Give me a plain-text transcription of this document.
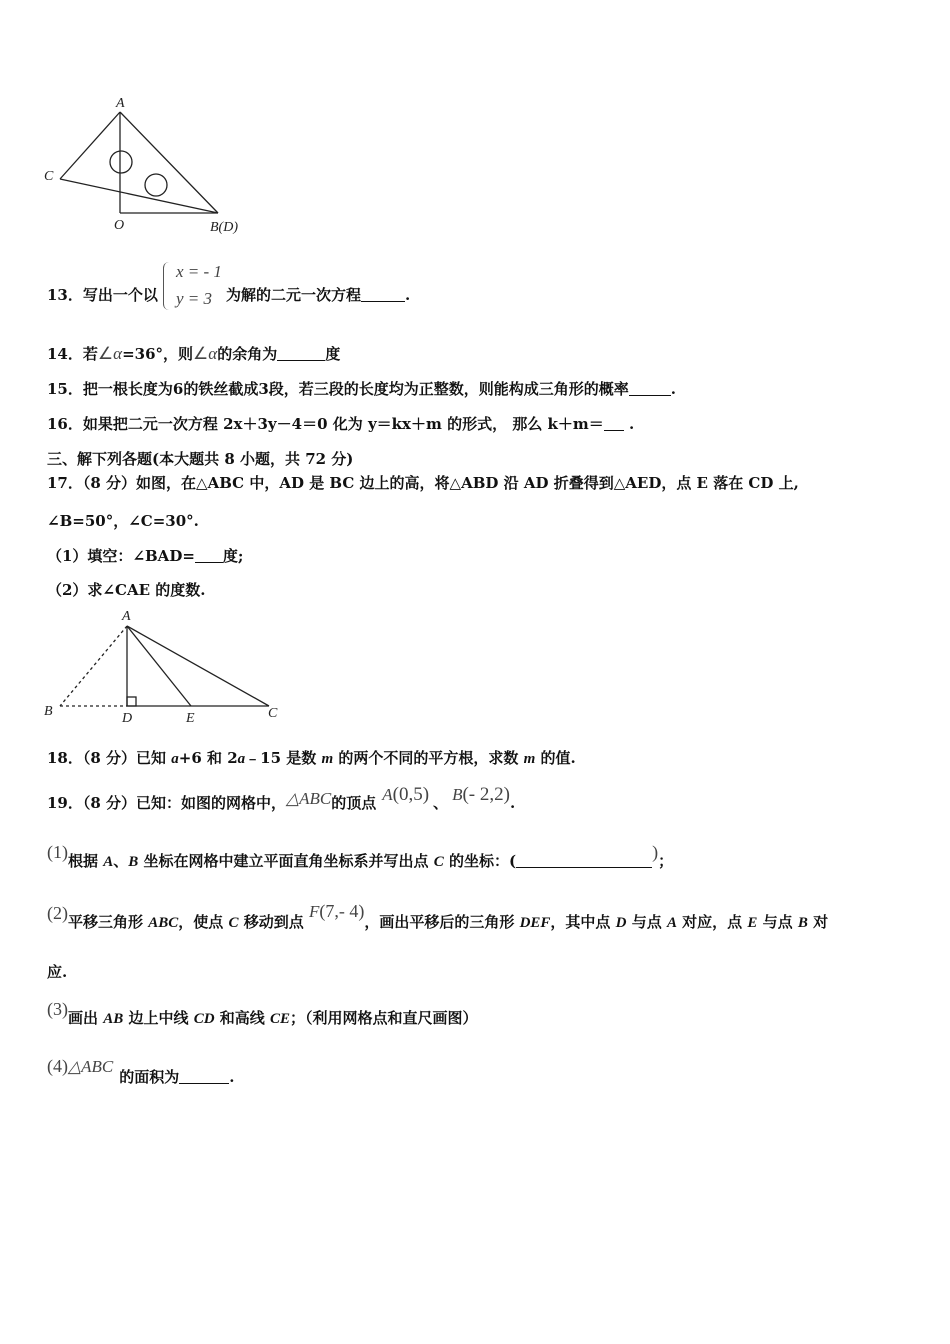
A
C
O	B(D)
13．写出一个以
x = - 1
y = 3 为解的二元一次方程	.
14．若∠α=36°，则∠α的余角为	度
15．把一根长度为6的铁丝截成3段，若三段的长度均为正整数，则能构成三角形的概率	.
16．如果把二元一次方程 2x＋3y－4＝0 化为 y＝kx＋m 的形式， 那么 k＋m＝ .
三、解下列各题(本大题共 8 小题，共 72 分)
17．（8 分）如图，在△ABC 中，AD 是 BC 边上的高，将△ABD 沿 AD 折叠得到△AED，点 E 落在 CD 上,
∠B=50°，∠C=30°.
（1）填空：∠BAD= 度;
（2）求∠CAE 的度数.
A
B	D	E	C
18．（8 分）已知 a+6 和 2a﹣15 是数 m 的两个不同的平方根，求数 m 的值.
19．（8 分）已知：如图的网格中，△ABC的顶点 A(0,5) 、 B(- 2,2).
(1)根据 A、B 坐标在网格中建立平面直角坐标系并写出点 C 的坐标：(	)；
(2)平移三角形 ABC，使点 C 移动到点 F(7,- 4)，画出平移后的三角形 DEF，其中点 D 与点 A 对应，点 E 与点 B 对
应.
(3)画出 AB 边上中线 CD 和高线 CE；（利用网格点和直尺画图）
(4)△ABC的面积为	.
